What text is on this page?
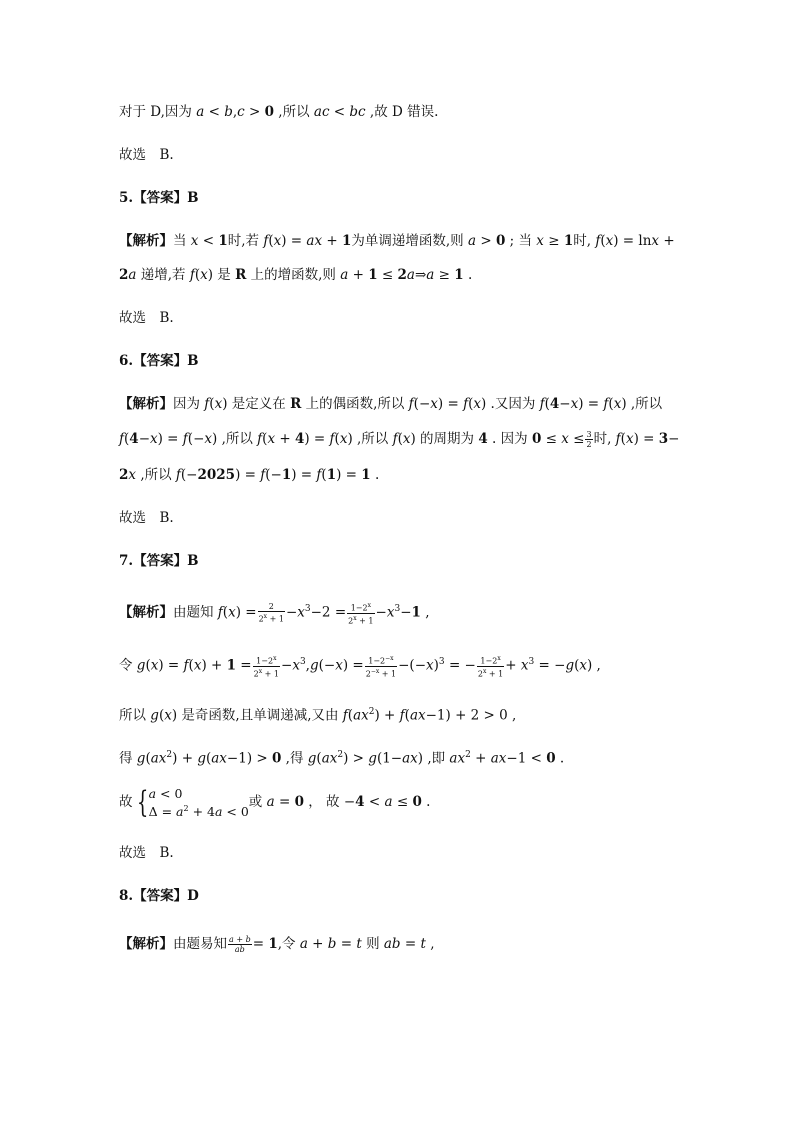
对于 D,因为 a < b,c > 0 ,所以 ac < bc ,故 D 错误.
故选　B.
5.【答案】B
【解析】当 x < 1时,若 f(x) = ax + 1为单调递增函数,则 a > 0 ; 当 x ≥ 1时, f(x) = lnx +
2a 递增,若 f(x) 是 R 上的增函数,则 a + 1 ≤ 2a⇒a ≥ 1 .
故选　B.
6.【答案】B
【解析】因为 f(x) 是定义在 R 上的偶函数,所以 f(−x) = f(x) .又因为 f(4−x) = f(x) ,所以
f(4−x) = f(−x) ,所以 f(x + 4) = f(x) ,所以 f(x) 的周期为 4 . 因为 $0 \le x \le \frac{3}{2}$ 时, f(x) = 3−
2x ,所以 f(−2025) = f(−1) = f(1) = 1 .
故选　B.
7.【答案】B
【解析】由题知 $f(x) = \frac{2}{2^x + 1} -x^3-2 = \frac{1-2^x}{2^x + 1} -x^3-1$ ,
令 $g(x) = f(x) + 1 = \frac{1-2^x}{2^x + 1} -x^3,g(-x) = \frac{1-2^{-x}}{2^{-x} + 1} -(-x)^3$ = − $\frac{1-2^x}{2^x + 1} + x^3 = -g(x)$ ,
所以 g(x) 是奇函数,且单调递减,又由 $f(ax^2) + f(ax-1) + 2 > 0$ ,
得 $g(ax^2) + g(ax-1) > 0$ ,得 $g(ax^2) > g(1-ax)$ ,即 $ax^2 + ax-1 < 0$ .
故 { a < 0
$\Delta = a^2 + 4a < 0$
或 a = 0 ， 故 −4 < a ≤ 0 .
故选　B.
8.【答案】D
【解析】由题易知 $\frac{a + b}{ab} = 1$,令 a + b = t 则 ab = t ,
